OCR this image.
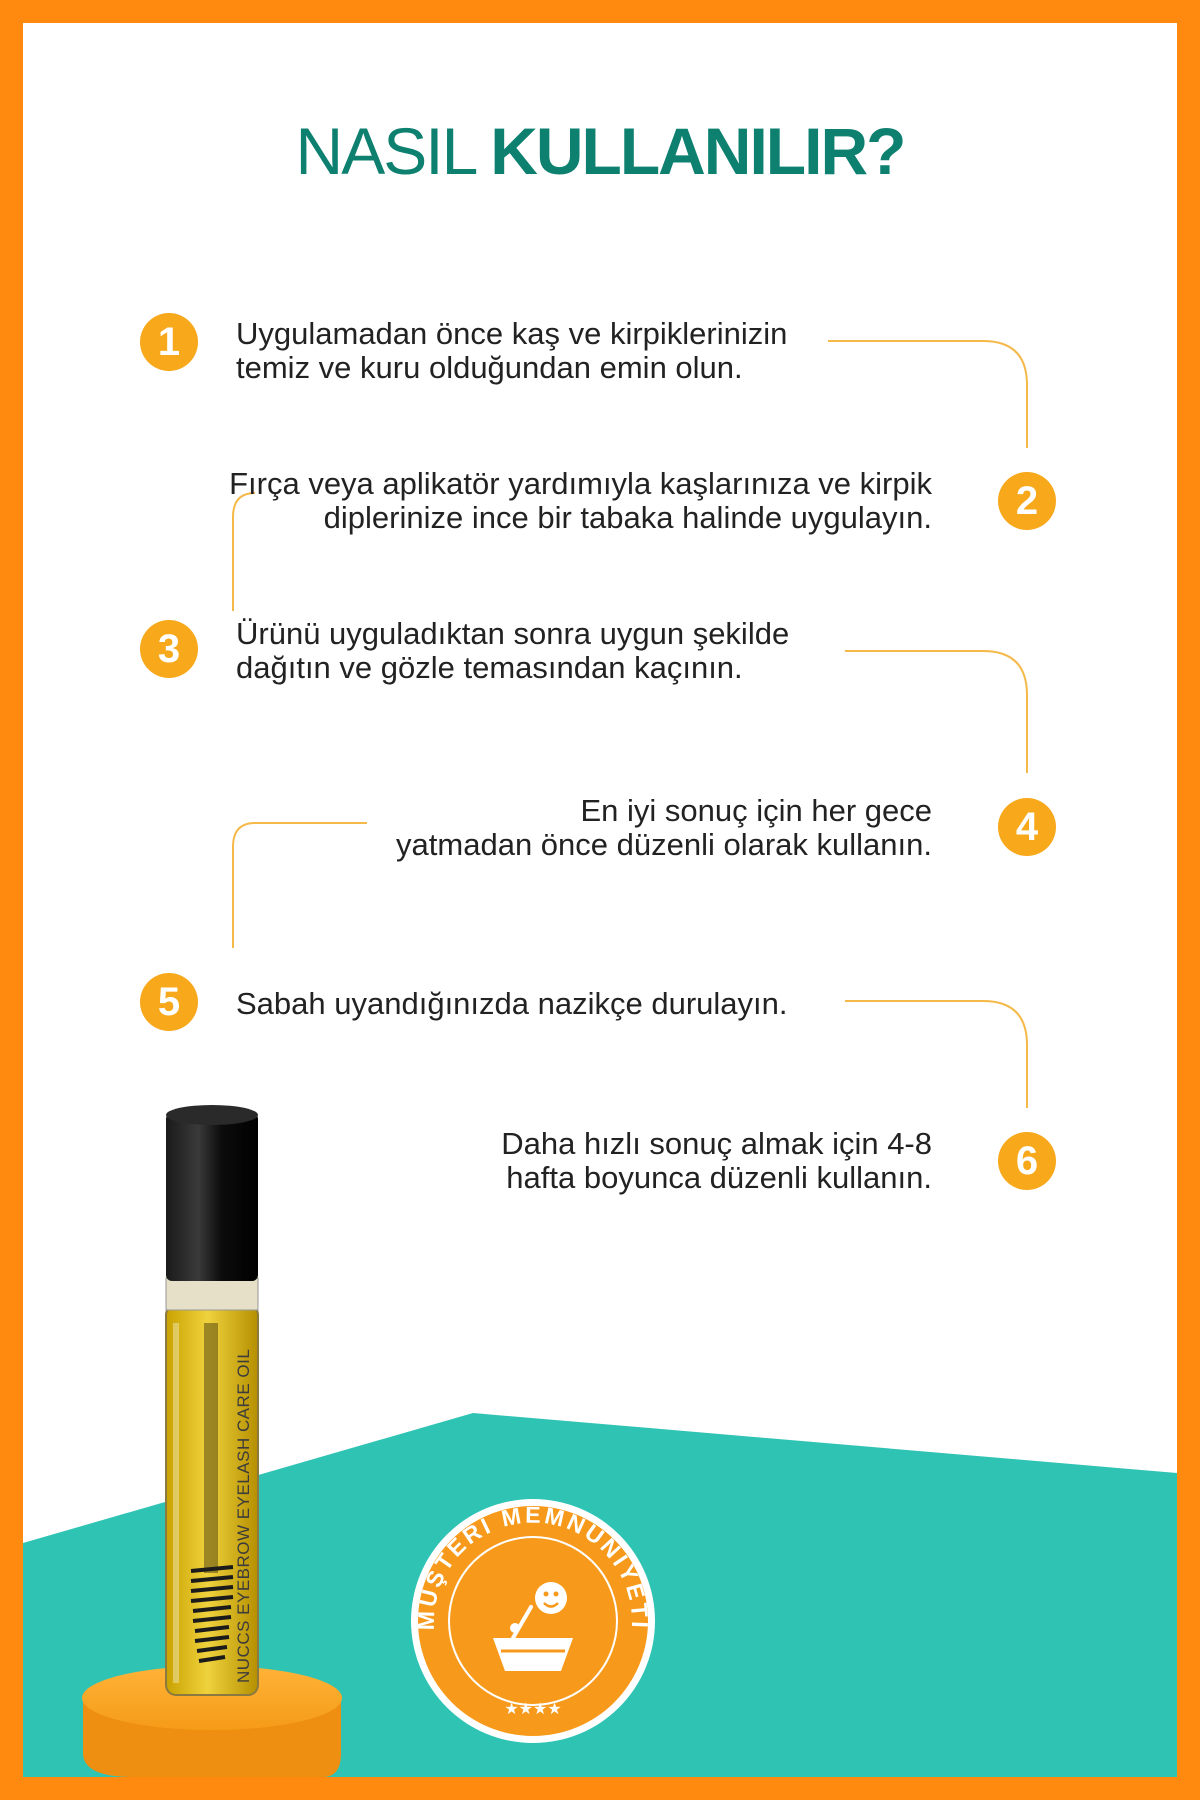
NASIL KULLANILIR?
1	Uygulamadan önce kaş ve kirpiklerinizin
temiz ve kuru olduğundan emin olun.
2
Fırça veya aplikatör yardımıyla kaşlarınıza ve kirpik
diplerinize ince bir tabaka halinde uygulayın.
3	Ürünü uyguladıktan sonra uygun şekilde
dağıtın ve gözle temasından kaçının.
4
En iyi sonuç için her gece
yatmadan önce düzenli olarak kullanın.
5	Sabah uyandığınızda nazikçe durulayın.
6
Daha hızlı sonuç almak için 4-8
hafta boyunca düzenli kullanın.
NUCCS EYEBROW EYELASH CARE OIL	MÜŞTERİ MEMNUNİYETİ
★★★★
